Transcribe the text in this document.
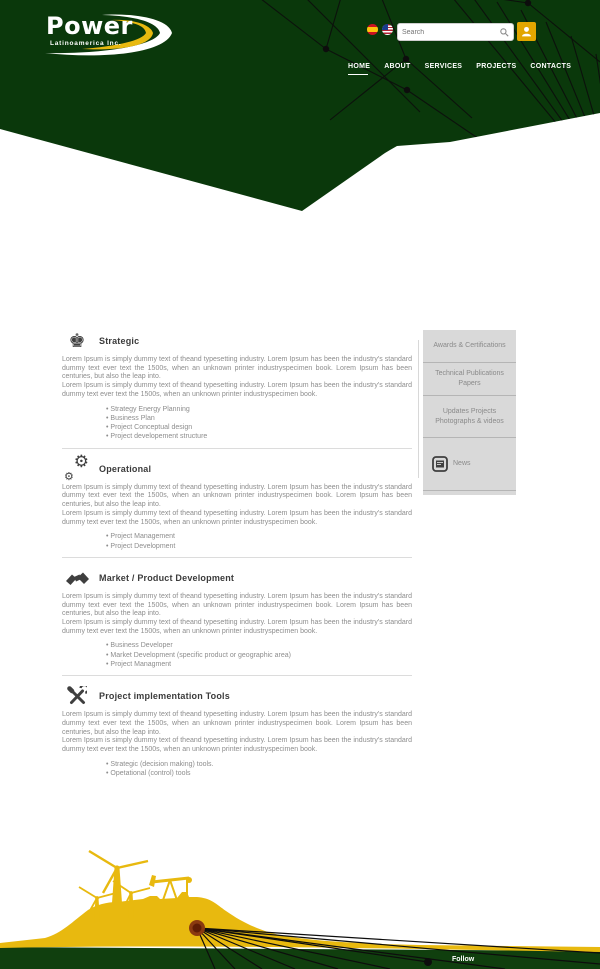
Power
Latinoamerica Inc.
Search
HOME ABOUT SERVICES PROJECTS CONTACTS
♚	Strategic

Lorem Ipsum is simply dummy text of theand typesetting industry. Lorem Ipsum has been the industry's standard dummy text ever text the 1500s, when an unknown printer industryspecimen book. Lorem Ipsum has been centuries, but also the leap into.

Lorem Ipsum is simply dummy text of theand typesetting industry. Lorem Ipsum has been the industry's standard dummy text ever text the 1500s, when an unknown printer industryspecimen book.

• Strategy Energy Planning
• Business Plan
• Project Conceptual design
• Project developement structure
⚙
⚙
Operational

Lorem Ipsum is simply dummy text of theand typesetting industry. Lorem Ipsum has been the industry's standard dummy text ever text the 1500s, when an unknown printer industryspecimen book. Lorem Ipsum has been centuries, but also the leap into.

Lorem Ipsum is simply dummy text of theand typesetting industry. Lorem Ipsum has been the industry's standard dummy text ever text the 1500s, when an unknown printer industryspecimen book.

• Project Management
• Project Development
Market / Product Development

Lorem Ipsum is simply dummy text of theand typesetting industry. Lorem Ipsum has been the industry's standard dummy text ever text the 1500s, when an unknown printer industryspecimen book. Lorem Ipsum has been centuries, but also the leap into.

Lorem Ipsum is simply dummy text of theand typesetting industry. Lorem Ipsum has been the industry's standard dummy text ever text the 1500s, when an unknown printer industryspecimen book.

• Business Developer
• Market Development (specific product or geographic area)
• Project Managment
Project implementation Tools

Lorem Ipsum is simply dummy text of theand typesetting industry. Lorem Ipsum has been the industry's standard dummy text ever text the 1500s, when an unknown printer industryspecimen book. Lorem Ipsum has been centuries, but also the leap into.

Lorem Ipsum is simply dummy text of theand typesetting industry. Lorem Ipsum has been the industry's standard dummy text ever text the 1500s, when an unknown printer industryspecimen book.

• Strategic (decision making) tools.
• Opetational (control) tools
Awards & Certifications
Technical Publications Papers
Updates Projects Photographs & videos
News
Follow
